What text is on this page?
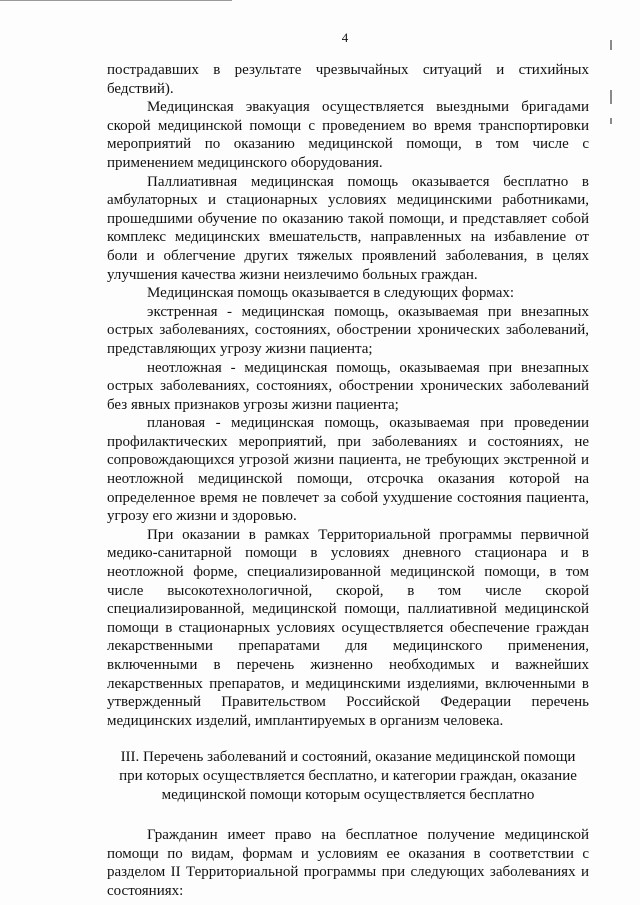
4

пострадавших в результате чрезвычайных ситуаций и стихийных бедствий).

Медицинская эвакуация осуществляется выездными бригадами скорой медицинской помощи с проведением во время транспортировки мероприятий по оказанию медицинской помощи, в том числе с применением медицинского оборудования.

Паллиативная медицинская помощь оказывается бесплатно в амбулаторных и стационарных условиях медицинскими работниками, прошедшими обучение по оказанию такой помощи, и представляет собой комплекс медицинских вмешательств, направленных на избавление от боли и облегчение других тяжелых проявлений заболевания, в целях улучшения качества жизни неизлечимо больных граждан.

Медицинская помощь оказывается в следующих формах:

экстренная - медицинская помощь, оказываемая при внезапных острых заболеваниях, состояниях, обострении хронических заболеваний, представляющих угрозу жизни пациента;

неотложная - медицинская помощь, оказываемая при внезапных острых заболеваниях, состояниях, обострении хронических заболеваний без явных признаков угрозы жизни пациента;

плановая - медицинская помощь, оказываемая при проведении профилактических мероприятий, при заболеваниях и состояниях, не сопровождающихся угрозой жизни пациента, не требующих экстренной и неотложной медицинской помощи, отсрочка оказания которой на определенное время не повлечет за собой ухудшение состояния пациента, угрозу его жизни и здоровью.

При оказании в рамках Территориальной программы первичной медико-санитарной помощи в условиях дневного стационара и в неотложной форме, специализированной медицинской помощи, в том числе высокотехнологичной, скорой, в том числе скорой специализированной, медицинской помощи, паллиативной медицинской помощи в стационарных условиях осуществляется обеспечение граждан лекарственными препаратами для медицинского применения, включенными в перечень жизненно необходимых и важнейших лекарственных препаратов, и медицинскими изделиями, включенными в утвержденный Правительством Российской Федерации перечень медицинских изделий, имплантируемых в организм человека.

III. Перечень заболеваний и состояний, оказание медицинской помощи при которых осуществляется бесплатно, и категории граждан, оказание медицинской помощи которым осуществляется бесплатно

Гражданин имеет право на бесплатное получение медицинской помощи по видам, формам и условиям ее оказания в соответствии с разделом II Территориальной программы при следующих заболеваниях и состояниях:
